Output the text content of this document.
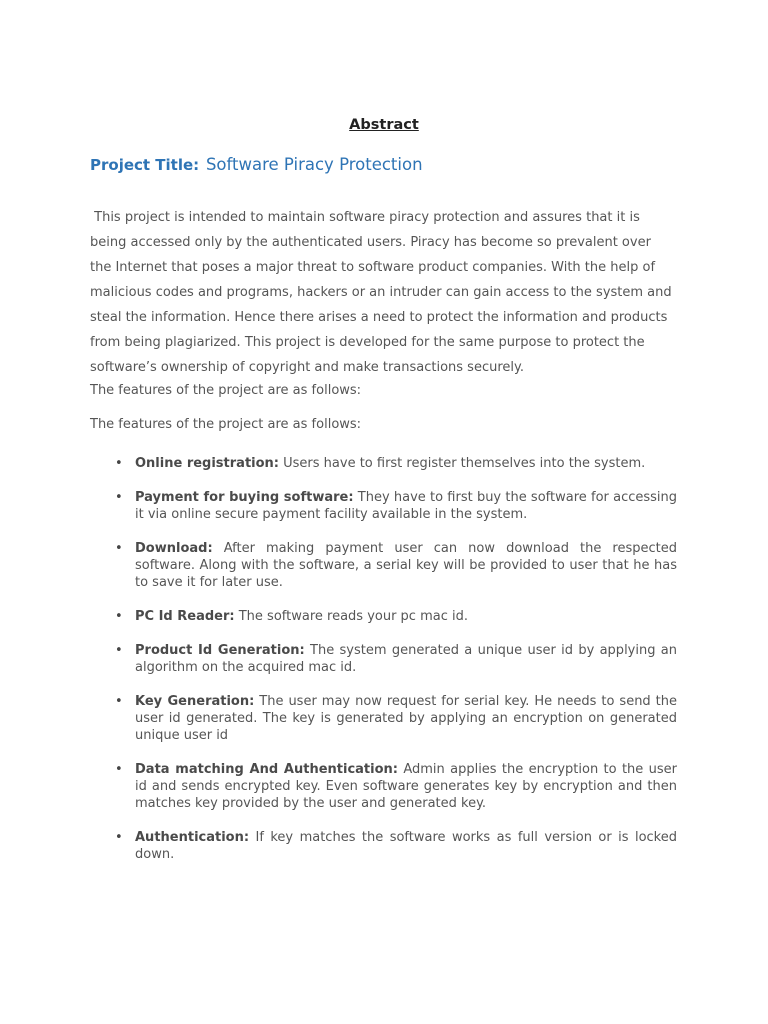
Abstract
Project Title: Software Piracy Protection
This project is intended to maintain software piracy protection and assures that it is being accessed only by the authenticated users. Piracy has become so prevalent over the Internet that poses a major threat to software product companies. With the help of malicious codes and programs, hackers or an intruder can gain access to the system and steal the information. Hence there arises a need to protect the information and products from being plagiarized. This project is developed for the same purpose to protect the software’s ownership of copyright and make transactions securely.
The features of the project are as follows:
The features of the project are as follows:
• Online registration: Users have to first register themselves into the system.
• Payment for buying software: They have to first buy the software for accessing it via online secure payment facility available in the system.
• Download: After making payment user can now download the respected software. Along with the software, a serial key will be provided to user that he has to save it for later use.
• PC Id Reader: The software reads your pc mac id.
• Product Id Generation: The system generated a unique user id by applying an algorithm on the acquired mac id.
• Key Generation: The user may now request for serial key. He needs to send the user id generated. The key is generated by applying an encryption on generated unique user id
• Data matching And Authentication: Admin applies the encryption to the user id and sends encrypted key. Even software generates key by encryption and then matches key provided by the user and generated key.
• Authentication: If key matches the software works as full version or is locked down.
